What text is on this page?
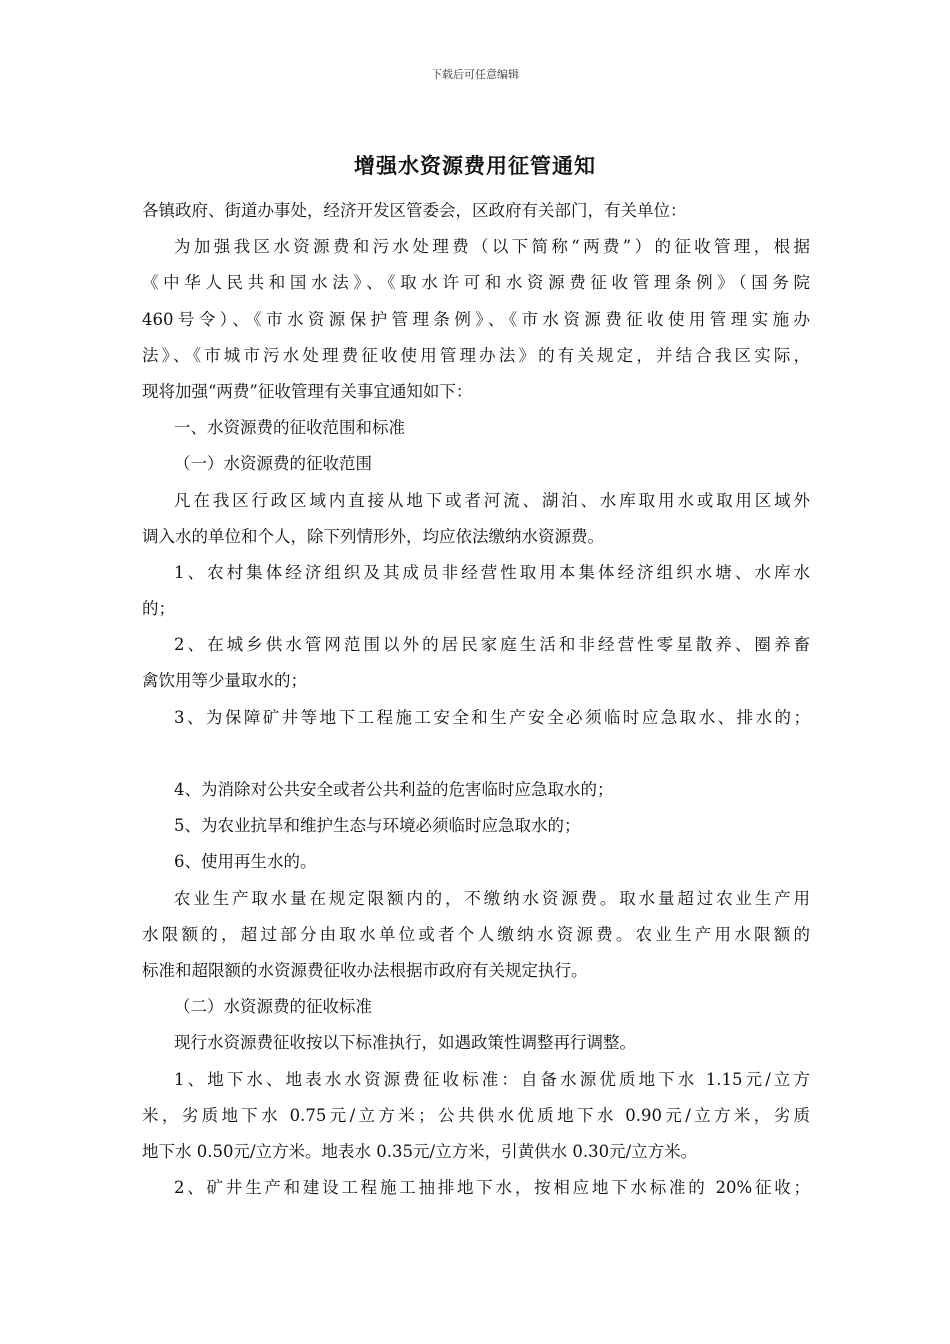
下载后可任意编辑
增强水资源费用征管通知
各镇政府、街道办事处，经济开发区管委会，区政府有关部门，有关单位：
为加强我区水资源费和污水处理费（以下简称“两费”）的征收管理，根据
《中华人民共和国水法》、《取水许可和水资源费征收管理条例》（国务院
460号令）、《市水资源保护管理条例》、《市水资源费征收使用管理实施办
法》、《市城市污水处理费征收使用管理办法》的有关规定，并结合我区实际，
现将加强“两费”征收管理有关事宜通知如下：
一、水资源费的征收范围和标准
（一）水资源费的征收范围
凡在我区行政区域内直接从地下或者河流、湖泊、水库取用水或取用区域外
调入水的单位和个人，除下列情形外，均应依法缴纳水资源费。
1、农村集体经济组织及其成员非经营性取用本集体经济组织水塘、水库水
的；
2、在城乡供水管网范围以外的居民家庭生活和非经营性零星散养、圈养畜
禽饮用等少量取水的；
3、为保障矿井等地下工程施工安全和生产安全必须临时应急取水、排水的；
4、为消除对公共安全或者公共利益的危害临时应急取水的；
5、为农业抗旱和维护生态与环境必须临时应急取水的；
6、使用再生水的。
农业生产取水量在规定限额内的，不缴纳水资源费。取水量超过农业生产用
水限额的，超过部分由取水单位或者个人缴纳水资源费。农业生产用水限额的
标准和超限额的水资源费征收办法根据市政府有关规定执行。
（二）水资源费的征收标准
现行水资源费征收按以下标准执行，如遇政策性调整再行调整。
1、地下水、地表水水资源费征收标准：自备水源优质地下水 1.15元/立方
米，劣质地下水 0.75元/立方米；公共供水优质地下水 0.90元/立方米，劣质
地下水 0.50元/立方米。地表水 0.35元/立方米，引黄供水 0.30元/立方米。
2、矿井生产和建设工程施工抽排地下水，按相应地下水标准的 20%征收；
